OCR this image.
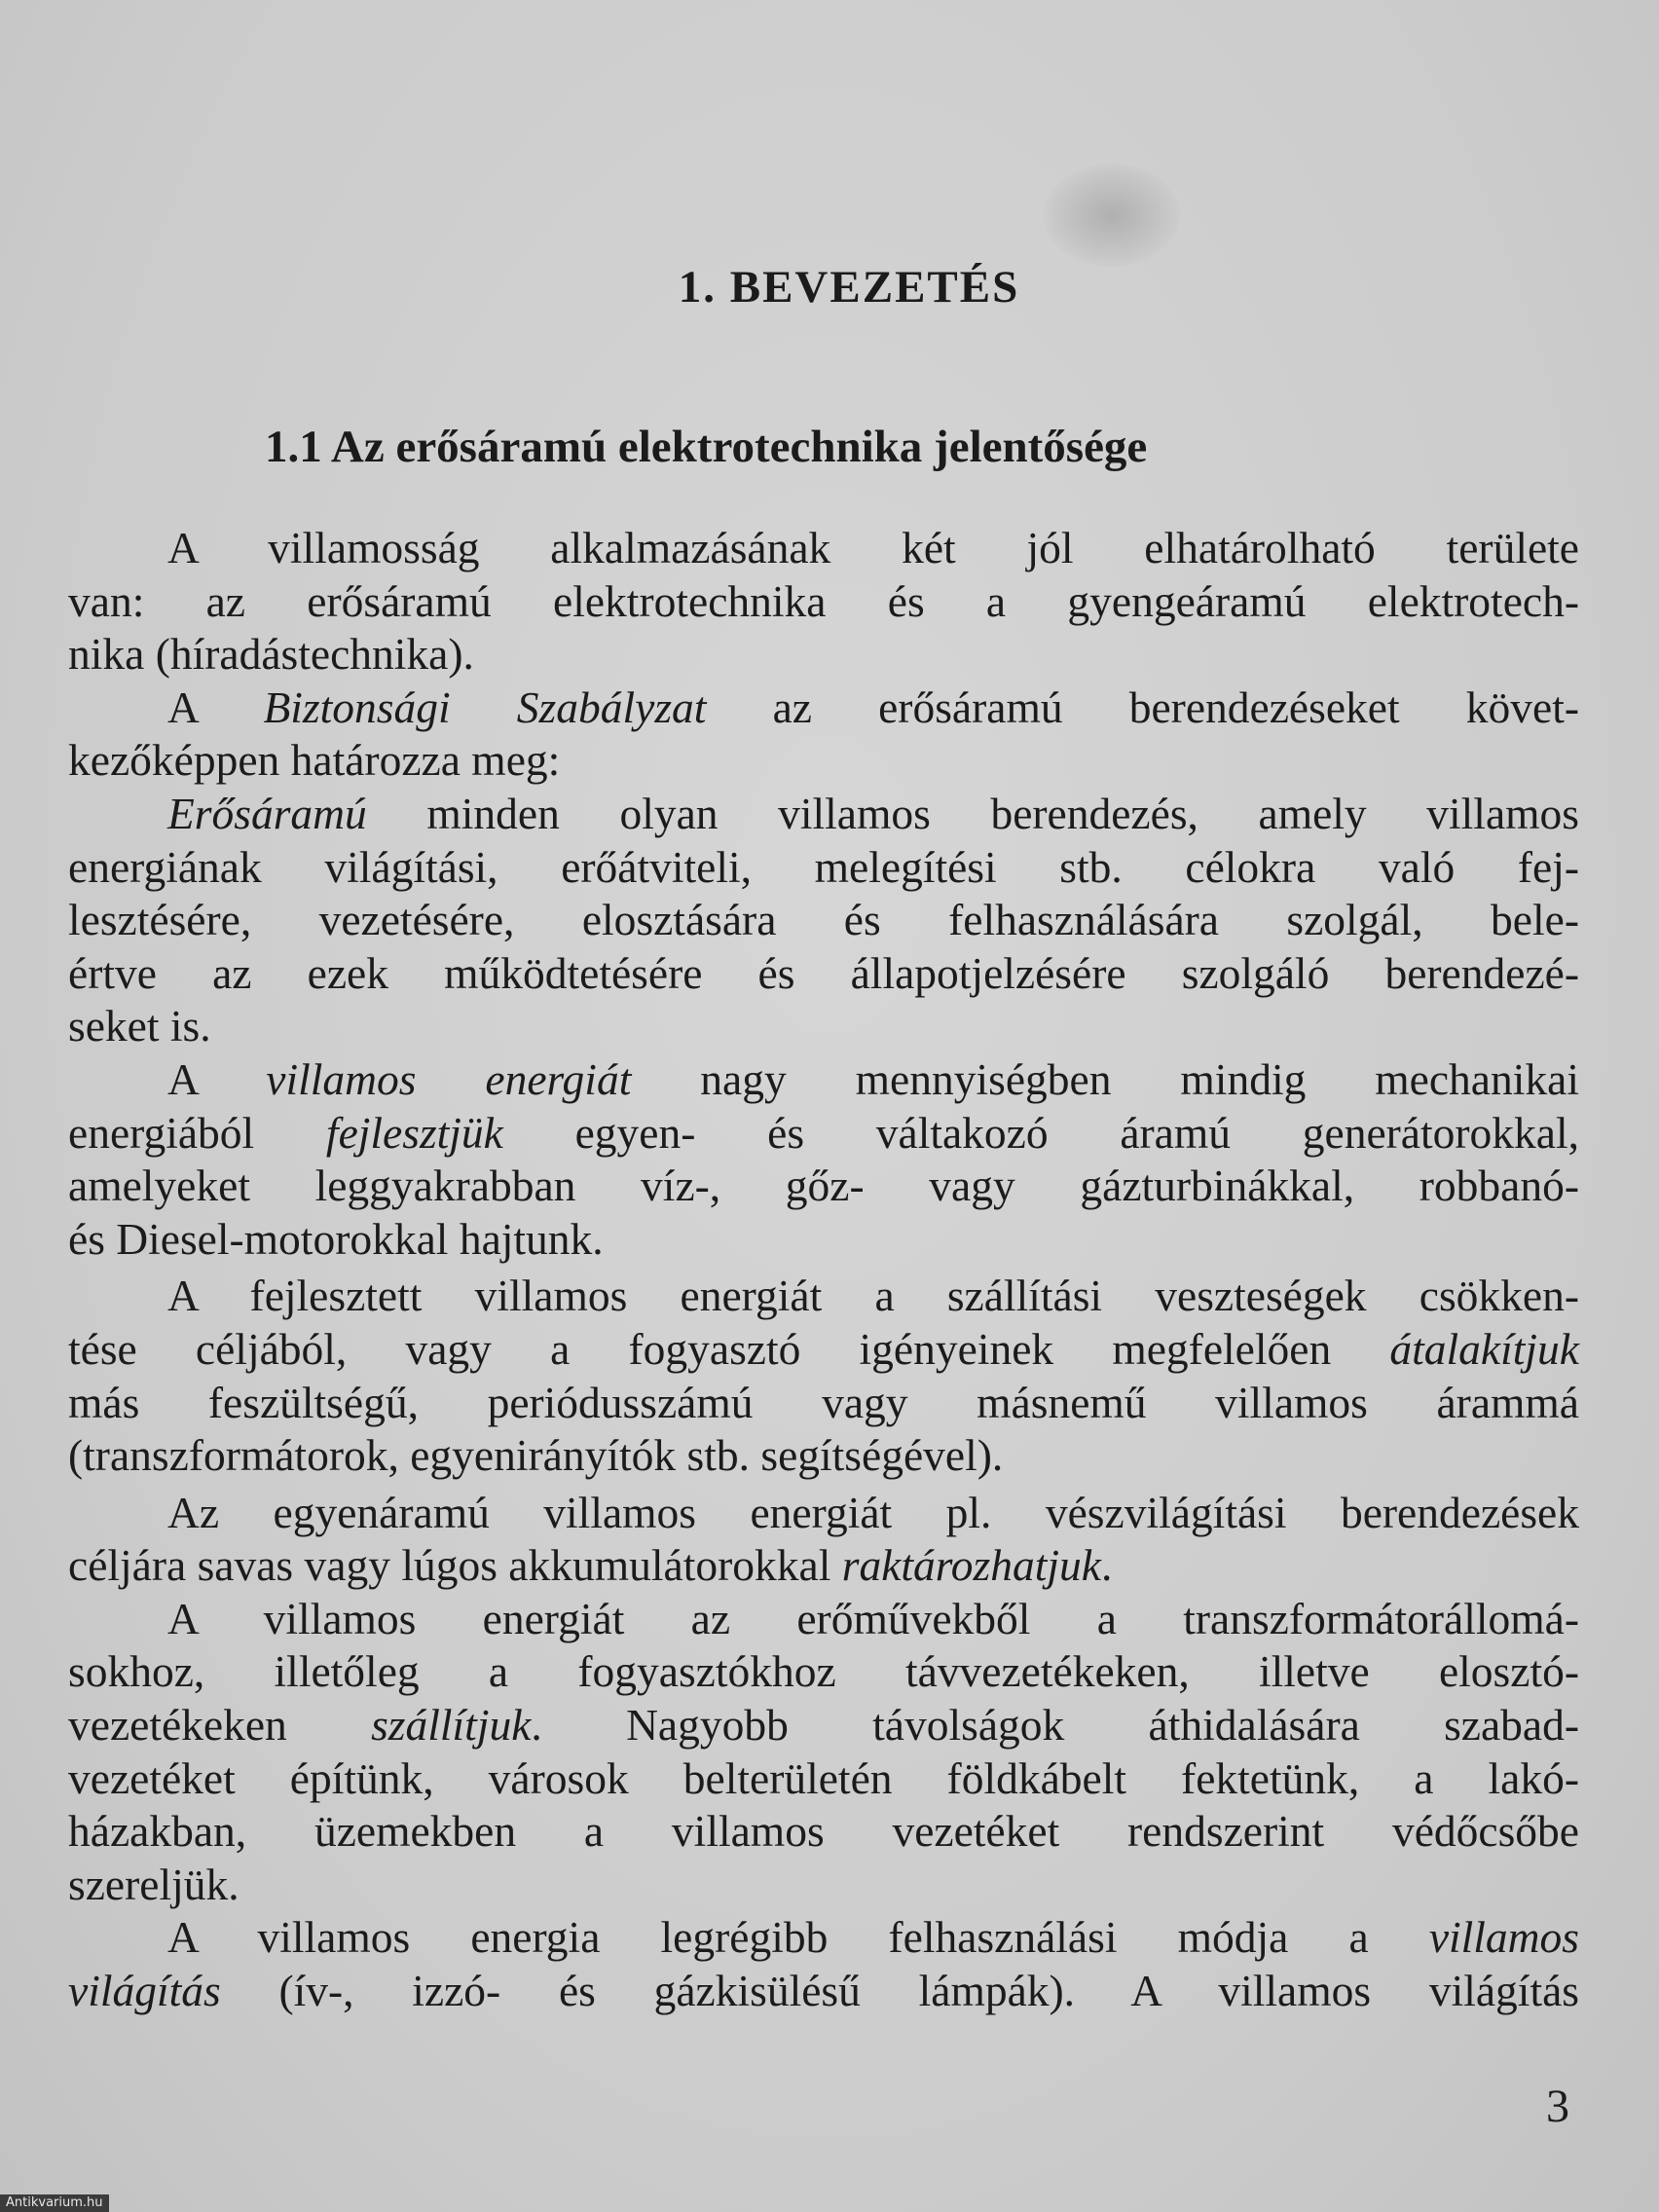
1. BEVEZETÉS
1.1 Az erősáramú elektrotechnika jelentősége
A villamosság alkalmazásának két jól elhatárolható területe
van: az erősáramú elektrotechnika és a gyengeáramú elektrotech-
nika (híradástechnika).
A Biztonsági Szabályzat az erősáramú berendezéseket követ-
kezőképpen határozza meg:
Erősáramú minden olyan villamos berendezés, amely villamos
energiának világítási, erőátviteli, melegítési stb. célokra való fej-
lesztésére, vezetésére, elosztására és felhasználására szolgál, bele-
értve az ezek működtetésére és állapotjelzésére szolgáló berendezé-
seket is.
A villamos energiát nagy mennyiségben mindig mechanikai
energiából fejlesztjük egyen- és váltakozó áramú generátorokkal,
amelyeket leggyakrabban víz-, gőz- vagy gázturbinákkal, robbanó-
és Diesel-motorokkal hajtunk.
A fejlesztett villamos energiát a szállítási veszteségek csökken-
tése céljából, vagy a fogyasztó igényeinek megfelelően átalakítjuk
más feszültségű, periódusszámú vagy másnemű villamos árammá
(transzformátorok, egyenirányítók stb. segítségével).
Az egyenáramú villamos energiát pl. vészvilágítási berendezések
céljára savas vagy lúgos akkumulátorokkal raktározhatjuk.
A villamos energiát az erőművekből a transzformátorállomá-
sokhoz, illetőleg a fogyasztókhoz távvezetékeken, illetve elosztó-
vezetékeken szállítjuk. Nagyobb távolságok áthidalására szabad-
vezetéket építünk, városok belterületén földkábelt fektetünk, a lakó-
házakban, üzemekben a villamos vezetéket rendszerint védőcsőbe
szereljük.
A villamos energia legrégibb felhasználási módja a villamos
világítás (ív-, izzó- és gázkisülésű lámpák). A villamos világítás
3
Antikvarium.hu
